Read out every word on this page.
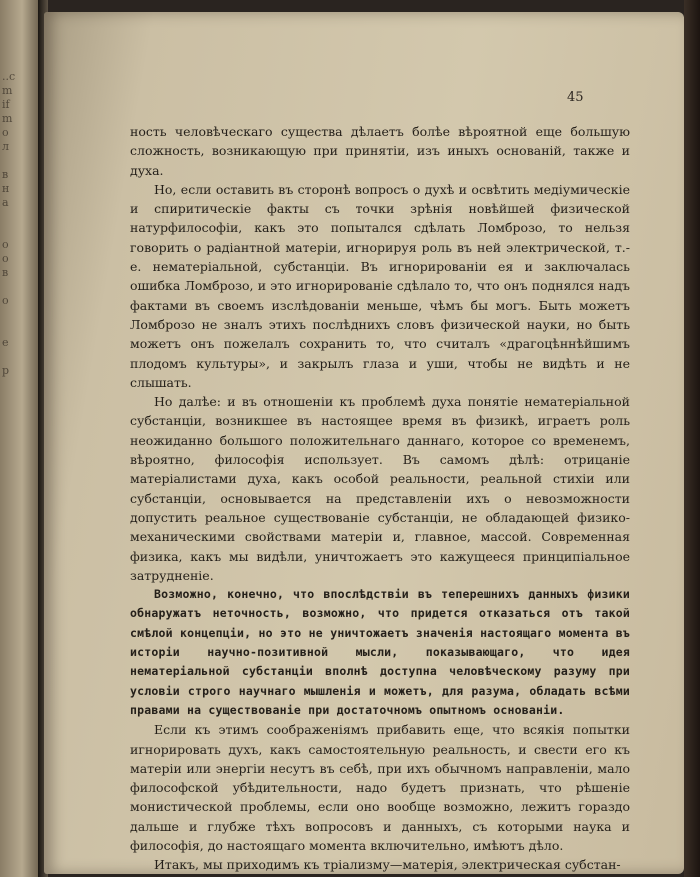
..c
m
if
m
о
л

в
н
а

о
о
в

о

е

р
45

ность человѣческаго существа дѣлаетъ болѣе вѣроятной еще большую сложность, возникающую при принятіи, изъ иныхъ основаній, также и духа.

Но, если оставить въ сторонѣ вопросъ о духѣ и освѣтить медіумическіе и спиритическіе факты съ точки зрѣнія новѣйшей физической натурфилософіи, какъ это попытался сдѣлать Ломброзо, то нельзя говорить о радіантной матеріи, игнорируя роль въ ней электрической, т.-е. нематеріальной, субстанціи. Въ игнорированіи ея и заключалась ошибка Ломброзо, и это игнорированіе сдѣлало то, что онъ поднялся надъ фактами въ своемъ изслѣдованіи меньше, чѣмъ бы могъ. Быть можетъ Ломброзо не зналъ этихъ послѣднихъ словъ физической науки, но быть можетъ онъ пожелалъ сохранить то, что считалъ «драгоцѣннѣйшимъ плодомъ культуры», и закрылъ глаза и уши, чтобы не видѣть и не слышать.

Но далѣе: и въ отношеніи къ проблемѣ духа понятіе нематеріальной субстанціи, возникшее въ настоящее время въ физикѣ, играетъ роль неожиданно большого положительнаго даннаго, которое со временемъ, вѣроятно, философія использует. Въ самомъ дѣлѣ: отрицаніе матеріалистами духа, какъ особой реальности, реальной стихіи или субстанціи, основывается на представленіи ихъ о невозможности допустить реальное существованіе субстанціи, не обладающей физико-механическими свойствами матеріи и, главное, массой. Современная физика, какъ мы видѣли, уничтожаетъ это кажущееся принципіальное затрудненіе.

Возможно, конечно, что впослѣдствіи въ теперешнихъ данныхъ физики обнаружатъ неточность, возможно, что придется отказаться отъ такой смѣлой концепціи, но это не уничтожаетъ значенія настоящаго момента въ исторіи научно-позитивной мысли, показывающаго, что идея нематеріальной субстанціи вполнѣ доступна человѣческому разуму при условіи строго научнаго мышленія и можетъ, для разума, обладать всѣми правами на существованіе при достаточномъ опытномъ основаніи.

Если къ этимъ соображеніямъ прибавить еще, что всякія попытки игнорировать духъ, какъ самостоятельную реальность, и свести его къ матеріи или энергіи несутъ въ себѣ, при ихъ обычномъ направленіи, мало философской убѣдительности, надо будетъ признать, что рѣшеніе монистической проблемы, если оно вообще возможно, лежитъ гораздо дальше и глубже тѣхъ вопросовъ и данныхъ, съ которыми наука и философія, до настоящаго момента включительно, имѣютъ дѣло.

Итакъ, мы приходимъ къ тріализму—матерія, электрическая субстан-
